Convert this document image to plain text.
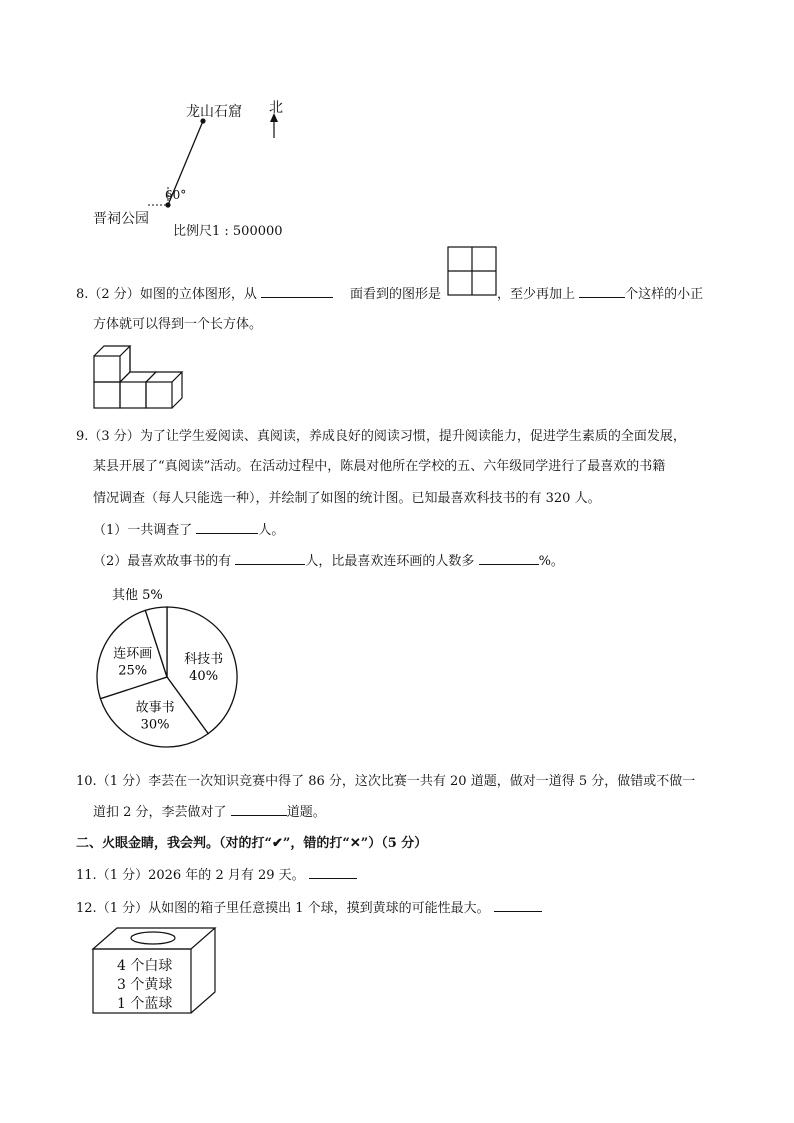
龙山石窟 北
60°
晋祠公园
比例尺1 : 500000
8.（2 分）如图的立体图形，从	面看到的图形是	，至少再加上	个这样的小正
方体就可以得到一个长方体。
9.（3 分）为了让学生爱阅读、真阅读，养成良好的阅读习惯，提升阅读能力，促进学生素质的全面发展，
某县开展了“真阅读”活动。在活动过程中，陈晨对他所在学校的五、六年级同学进行了最喜欢的书籍
情况调查（每人只能选一种），并绘制了如图的统计图。已知最喜欢科技书的有 320 人。
（1）一共调查了	人。
（2）最喜欢故事书的有	人，比最喜欢连环画的人数多	%。
科技书
40%
故事书
30%
连环画
25%
其他 5%
10.（1 分）李芸在一次知识竞赛中得了 86 分，这次比赛一共有 20 道题，做对一道得 5 分，做错或不做一
道扣 2 分，李芸做对了	道题。
二、火眼金睛，我会判。（对的打“✔”，错的打“✕”）（5 分）
11.（1 分）2026 年的 2 月有 29 天。
12.（1 分）从如图的箱子里任意摸出 1 个球，摸到黄球的可能性最大。
4 个白球
3 个黄球
1 个蓝球
